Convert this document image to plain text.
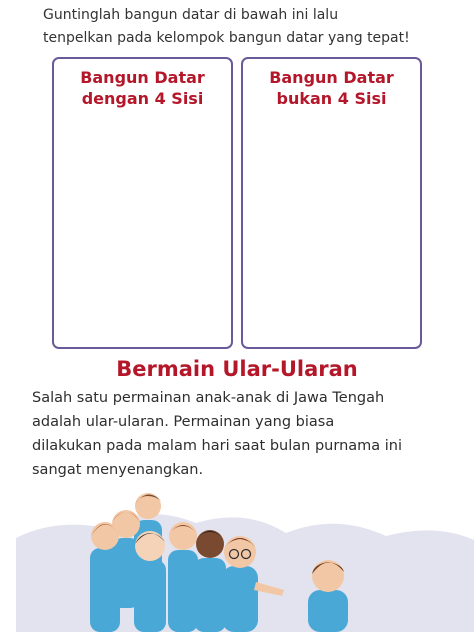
Guntinglah bangun datar di bawah ini lalu
tenpelkan pada kelompok bangun datar yang tepat!
Bangun Datar
dengan 4 Sisi
Bangun Datar
bukan 4 Sisi
Bermain Ular-Ularan
Salah satu permainan anak-anak di Jawa Tengah
adalah ular-ularan. Permainan yang biasa
dilakukan pada malam hari saat bulan purnama ini
sangat menyenangkan.
